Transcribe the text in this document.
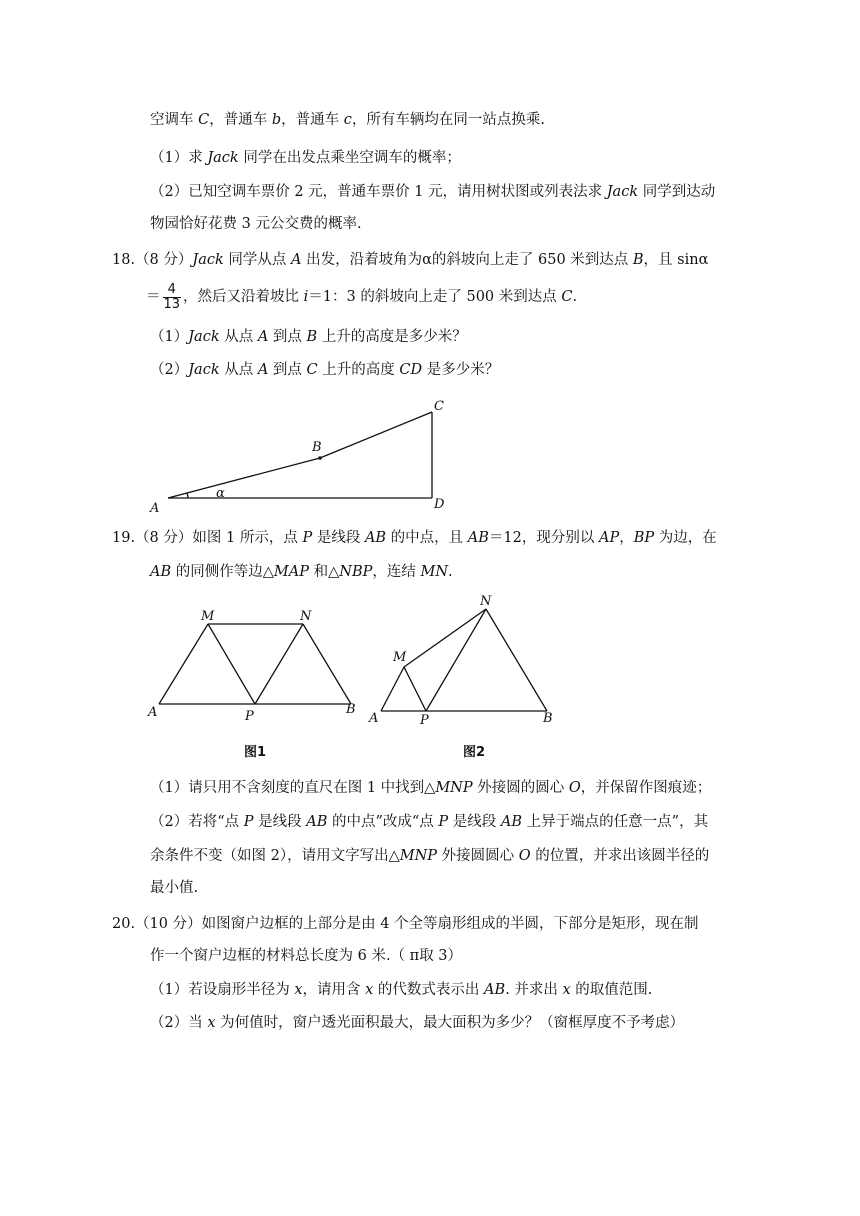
空调车 C，普通车 b，普通车 c，所有车辆均在同一站点换乘.
（1）求 Jack 同学在出发点乘坐空调车的概率；
（2）已知空调车票价 2 元，普通车票价 1 元，请用树状图或列表法求 Jack 同学到达动
物园恰好花费 3 元公交费的概率.
18.（8 分）Jack 同学从点 A 出发，沿着坡角为α的斜坡向上走了 650 米到达点 B，且 sinα
＝ $\frac{4}{13}$ ，然后又沿着坡比 i＝1：3 的斜坡向上走了 500 米到达点 C.
（1）Jack 从点 A 到点 B 上升的高度是多少米？
（2）Jack 从点 A 到点 C 上升的高度 CD 是多少米？
A
B
C
D
α
19.（8 分）如图 1 所示，点 P 是线段 AB 的中点，且 AB＝12，现分别以 AP，BP 为边，在
AB 的同侧作等边△MAP 和△NBP，连结 MN.
M	N
A	P	B
图1
M
N
A	P	B
图2
（1）请只用不含刻度的直尺在图 1 中找到△MNP 外接圆的圆心 O，并保留作图痕迹；
（2）若将“点 P 是线段 AB 的中点”改成“点 P 是线段 AB 上异于端点的任意一点”，其
余条件不变（如图 2），请用文字写出△MNP 外接圆圆心 O 的位置，并求出该圆半径的
最小值.
20.（10 分）如图窗户边框的上部分是由 4 个全等扇形组成的半圆，下部分是矩形，现在制
作一个窗户边框的材料总长度为 6 米.（ π取 3）
（1）若设扇形半径为 x，请用含 x 的代数式表示出 AB. 并求出 x 的取值范围.
（2）当 x 为何值时，窗户透光面积最大，最大面积为多少？（窗框厚度不予考虑）
